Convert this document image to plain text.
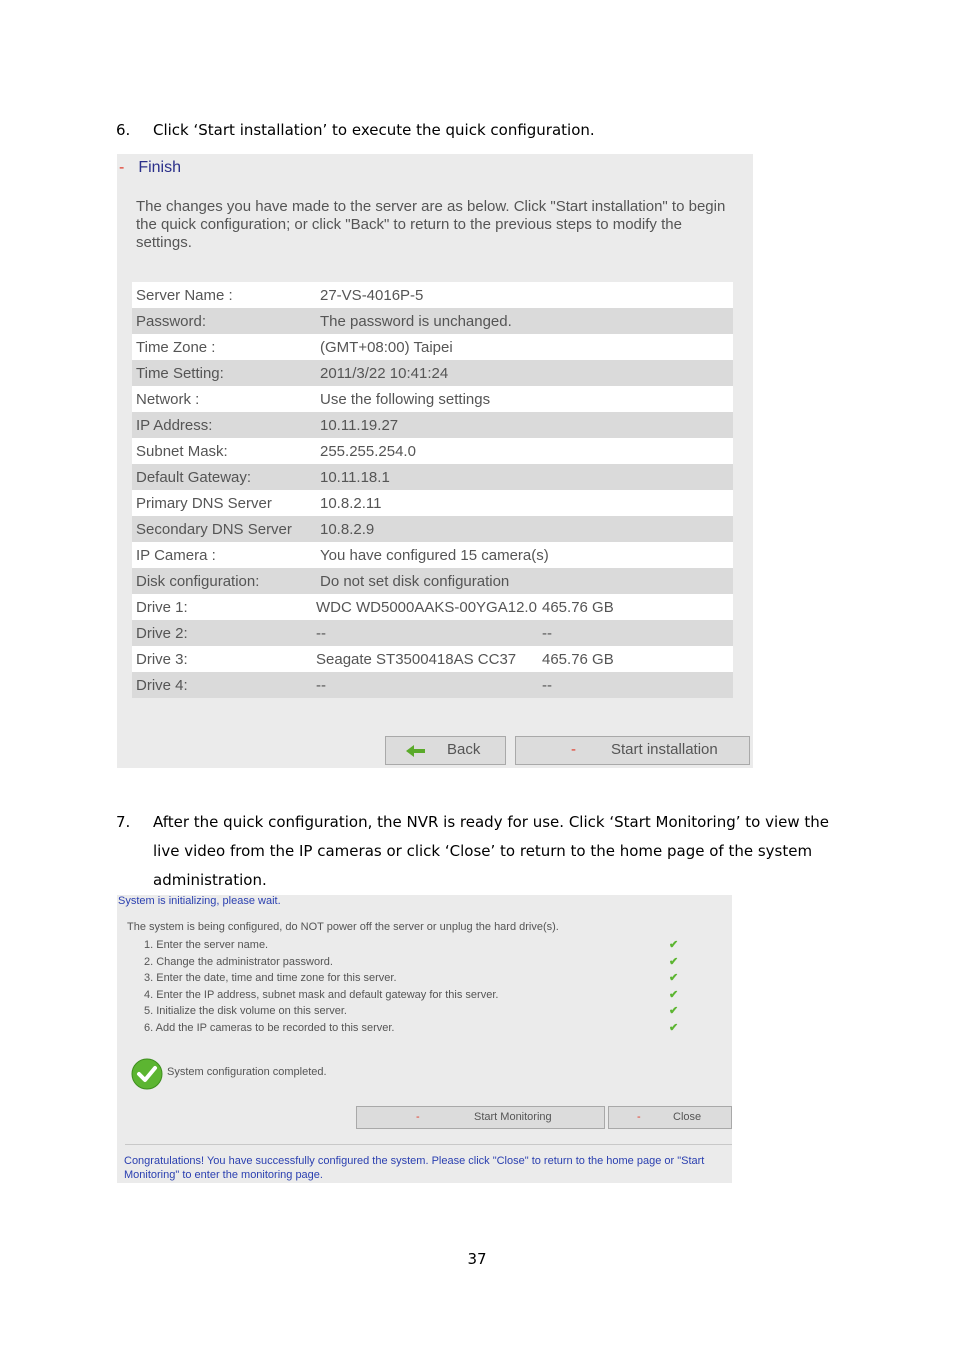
6. Click ‘Start installation’ to execute the quick configuration.
- Finish
The changes you have made to the server are as below. Click "Start installation" to begin the quick configuration; or click "Back" to return to the previous steps to modify the settings.
Server Name :	27-VS-4016P-5	
Password:	The password is unchanged.	
Time Zone :	(GMT+08:00) Taipei	
Time Setting:	2011/3/22 10:41:24	
Network :	Use the following settings	
IP Address:	10.11.19.27	
Subnet Mask:	255.255.254.0	
Default Gateway:	10.11.18.1	
Primary DNS Server	10.8.2.11	
Secondary DNS Server	10.8.2.9	
IP Camera :	You have configured 15 camera(s)	
Disk configuration:	Do not set disk configuration	
Drive 1:	WDC WD5000AAKS-00YGA12.0	465.76 GB
Drive 2:	--	--
Drive 3:	Seagate ST3500418AS CC37	465.76 GB
Drive 4:	--	--
Back	- Start installation
7. After the quick configuration, the NVR is ready for use. Click ‘Start Monitoring’ to view the live video from the IP cameras or click ‘Close’ to return to the home page of the system administration.
System is initializing, please wait.
The system is being configured, do NOT power off the server or unplug the hard drive(s).
1. Enter the server name.	✔
2. Change the administrator password.	✔
3. Enter the date, time and time zone for this server.	✔
4. Enter the IP address, subnet mask and default gateway for this server.	✔
5. Initialize the disk volume on this server.	✔
6. Add the IP cameras to be recorded to this server.	✔
System configuration completed.
-	Start Monitoring	-	Close
Congratulations! You have successfully configured the system. Please click "Close" to return to the home page or "Start Monitoring" to enter the monitoring page.
37
